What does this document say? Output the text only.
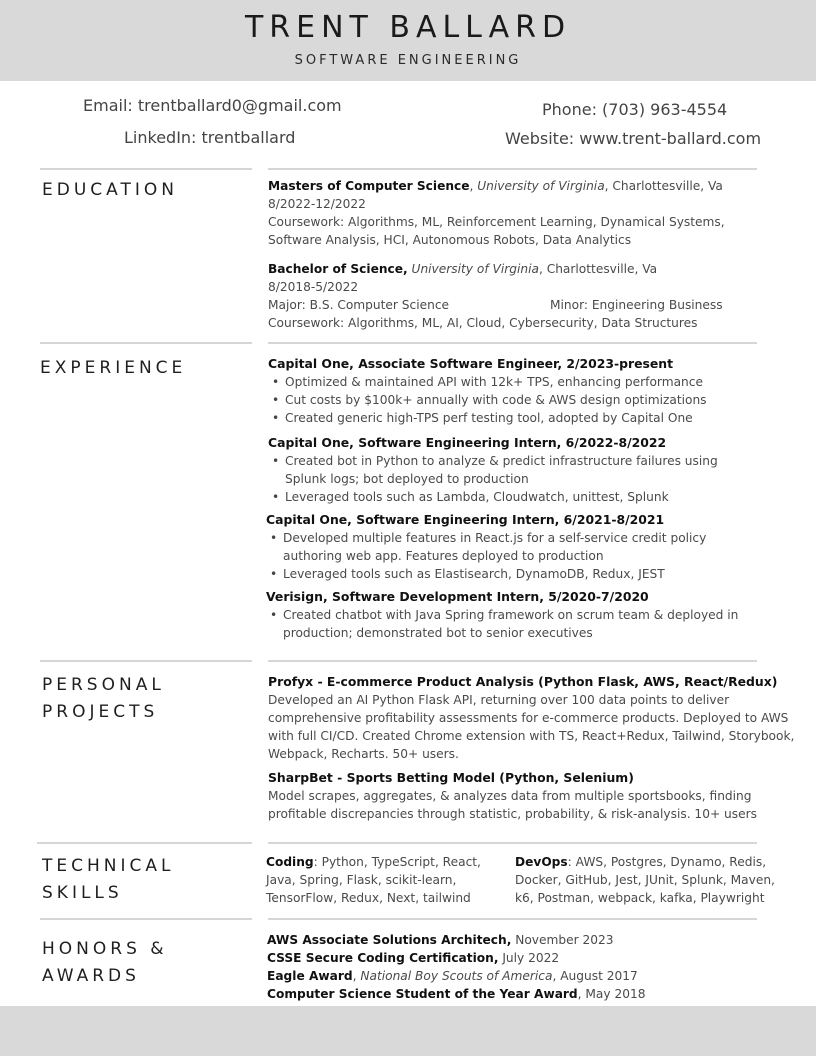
TRENT BALLARD
SOFTWARE ENGINEERING
Email: trentballard0@gmail.com
LinkedIn: trentballard
Phone: (703) 963-4554
Website: www.trent-ballard.com
EDUCATION	Masters of Computer Science, University of Virginia, Charlottesville, Va
8/2022-12/2022
Coursework: Algorithms, ML, Reinforcement Learning, Dynamical Systems,
Software Analysis, HCI, Autonomous Robots, Data Analytics
Bachelor of Science, University of Virginia, Charlottesville, Va
8/2018-5/2022
Major: B.S. Computer Science	Minor: Engineering Business
Coursework: Algorithms, ML, AI, Cloud, Cybersecurity, Data Structures
EXPERIENCE	Capital One, Associate Software Engineer, 2/2023-present
• Optimized & maintained API with 12k+ TPS, enhancing performance
• Cut costs by $100k+ annually with code & AWS design optimizations
• Created generic high-TPS perf testing tool, adopted by Capital One
Capital One, Software Engineering Intern, 6/2022-8/2022
• Created bot in Python to analyze & predict infrastructure failures using Splunk logs; bot deployed to production
• Leveraged tools such as Lambda, Cloudwatch, unittest, Splunk
Capital One, Software Engineering Intern, 6/2021-8/2021
• Developed multiple features in React.js for a self-service credit policy authoring web app. Features deployed to production
• Leveraged tools such as Elastisearch, DynamoDB, Redux, JEST
Verisign, Software Development Intern, 5/2020-7/2020
• Created chatbot with Java Spring framework on scrum team & deployed in production; demonstrated bot to senior executives
PERSONAL
PROJECTS
Profyx - E-commerce Product Analysis (Python Flask, AWS, React/Redux)
Developed an AI Python Flask API, returning over 100 data points to deliver comprehensive profitability assessments for e-commerce products. Deployed to AWS with full CI/CD. Created Chrome extension with TS, React+Redux, Tailwind, Storybook, Webpack, Recharts. 50+ users.
SharpBet - Sports Betting Model (Python, Selenium)
Model scrapes, aggregates, & analyzes data from multiple sportsbooks, finding profitable discrepancies through statistic, probability, & risk-analysis. 10+ users
TECHNICAL
SKILLS
Coding: Python, TypeScript, React, Java, Spring, Flask, scikit-learn, TensorFlow, Redux, Next, tailwind
DevOps: AWS, Postgres, Dynamo, Redis, Docker, GitHub, Jest, JUnit, Splunk, Maven, k6, Postman, webpack, kafka, Playwright
HONORS &
AWARDS
AWS Associate Solutions Architech, November 2023
CSSE Secure Coding Certification, July 2022
Eagle Award, National Boy Scouts of America, August 2017
Computer Science Student of the Year Award, May 2018
